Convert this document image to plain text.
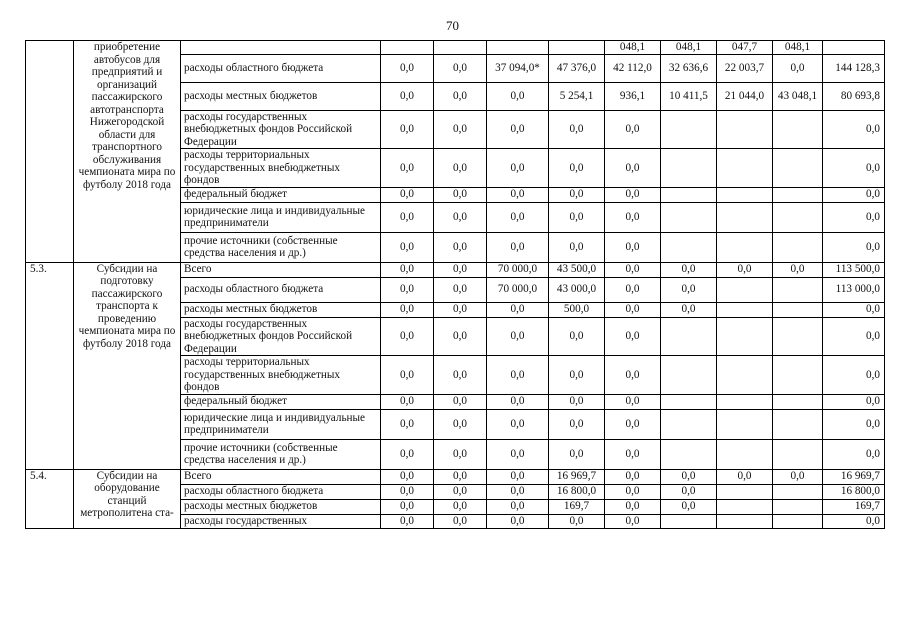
70
	приобретение автобусов для предприятий и организаций пассажирского автотранспорта Нижегородской области для транспортного обслуживания чемпионата мира по футболу 2018 года						048,1	048,1	047,7	048,1	
		расходы областного бюджета	0,0	0,0	37 094,0*	47 376,0	42 112,0	32 636,6	22 003,7	0,0	144 128,3
		расходы местных бюджетов	0,0	0,0	0,0	5 254,1	936,1	10 411,5	21 044,0	43 048,1	80 693,8
		расходы государственных внебюджетных фондов Российской Федерации	0,0	0,0	0,0	0,0	0,0				0,0
		расходы территориальных государственных внебюджетных фондов	0,0	0,0	0,0	0,0	0,0				0,0
		федеральный бюджет	0,0	0,0	0,0	0,0	0,0				0,0
		юридические лица и индивидуальные предприниматели	0,0	0,0	0,0	0,0	0,0				0,0
		прочие источники (собственные средства населения и др.)	0,0	0,0	0,0	0,0	0,0				0,0
5.3.	Субсидии на подготовку пассажирского транспорта к проведению чемпионата мира по футболу 2018 года	Всего	0,0	0,0	70 000,0	43 500,0	0,0	0,0	0,0	0,0	113 500,0
		расходы областного бюджета	0,0	0,0	70 000,0	43 000,0	0,0	0,0			113 000,0
		расходы местных бюджетов	0,0	0,0	0,0	500,0	0,0	0,0			0,0
		расходы государственных внебюджетных фондов Российской Федерации	0,0	0,0	0,0	0,0	0,0				0,0
		расходы территориальных государственных внебюджетных фондов	0,0	0,0	0,0	0,0	0,0				0,0
		федеральный бюджет	0,0	0,0	0,0	0,0	0,0				0,0
		юридические лица и индивидуальные предприниматели	0,0	0,0	0,0	0,0	0,0				0,0
		прочие источники (собственные средства населения и др.)	0,0	0,0	0,0	0,0	0,0				0,0
5.4.	Субсидии на оборудование станций метрополитена ста-	Всего	0,0	0,0	0,0	16 969,7	0,0	0,0	0,0	0,0	16 969,7
		расходы областного бюджета	0,0	0,0	0,0	16 800,0	0,0	0,0			16 800,0
		расходы местных бюджетов	0,0	0,0	0,0	169,7	0,0	0,0			169,7
		расходы государственных	0,0	0,0	0,0	0,0	0,0				0,0
